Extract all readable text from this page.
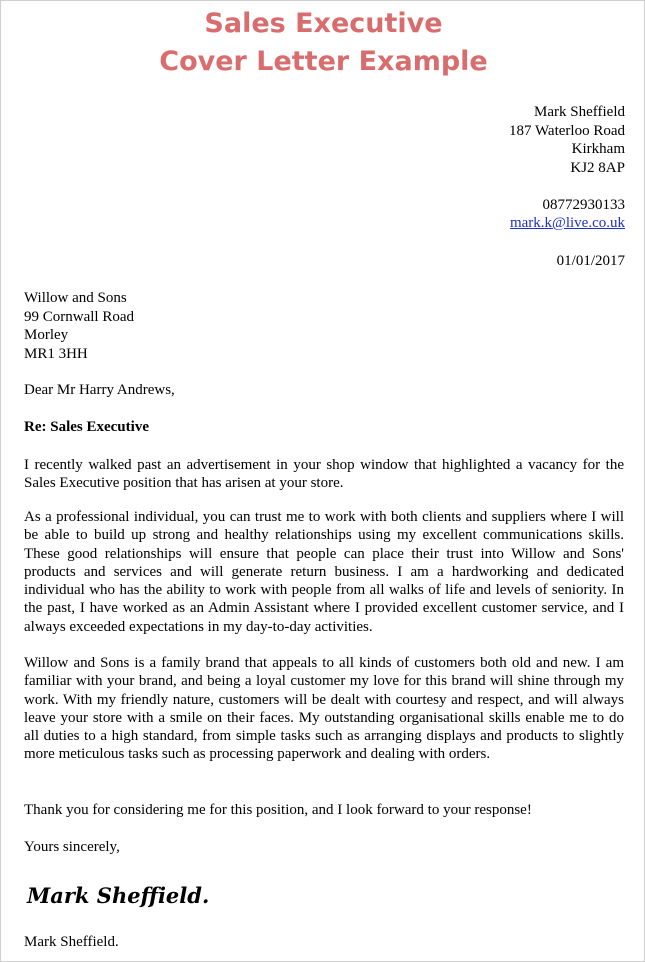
Sales Executive
Cover Letter Example
Mark Sheffield
187 Waterloo Road
Kirkham
KJ2 8AP
08772930133
mark.k@live.co.uk
01/01/2017
Willow and Sons
99 Cornwall Road
Morley
MR1 3HH
Dear Mr Harry Andrews,
Re: Sales Executive
I recently walked past an advertisement in your shop window that highlighted a vacancy for the Sales Executive position that has arisen at your store.
As a professional individual, you can trust me to work with both clients and suppliers where I will be able to build up strong and healthy relationships using my excellent communications skills. These good relationships will ensure that people can place their trust into Willow and Sons' products and services and will generate return business. I am a hardworking and dedicated individual who has the ability to work with people from all walks of life and levels of seniority. In the past, I have worked as an Admin Assistant where I provided excellent customer service, and I always exceeded expectations in my day-to-day activities.
Willow and Sons is a family brand that appeals to all kinds of customers both old and new. I am familiar with your brand, and being a loyal customer my love for this brand will shine through my work. With my friendly nature, customers will be dealt with courtesy and respect, and will always leave your store with a smile on their faces. My outstanding organisational skills enable me to do all duties to a high standard, from simple tasks such as arranging displays and products to slightly more meticulous tasks such as processing paperwork and dealing with orders.
Thank you for considering me for this position, and I look forward to your response!
Yours sincerely,
Mark Sheffield.
Mark Sheffield.
